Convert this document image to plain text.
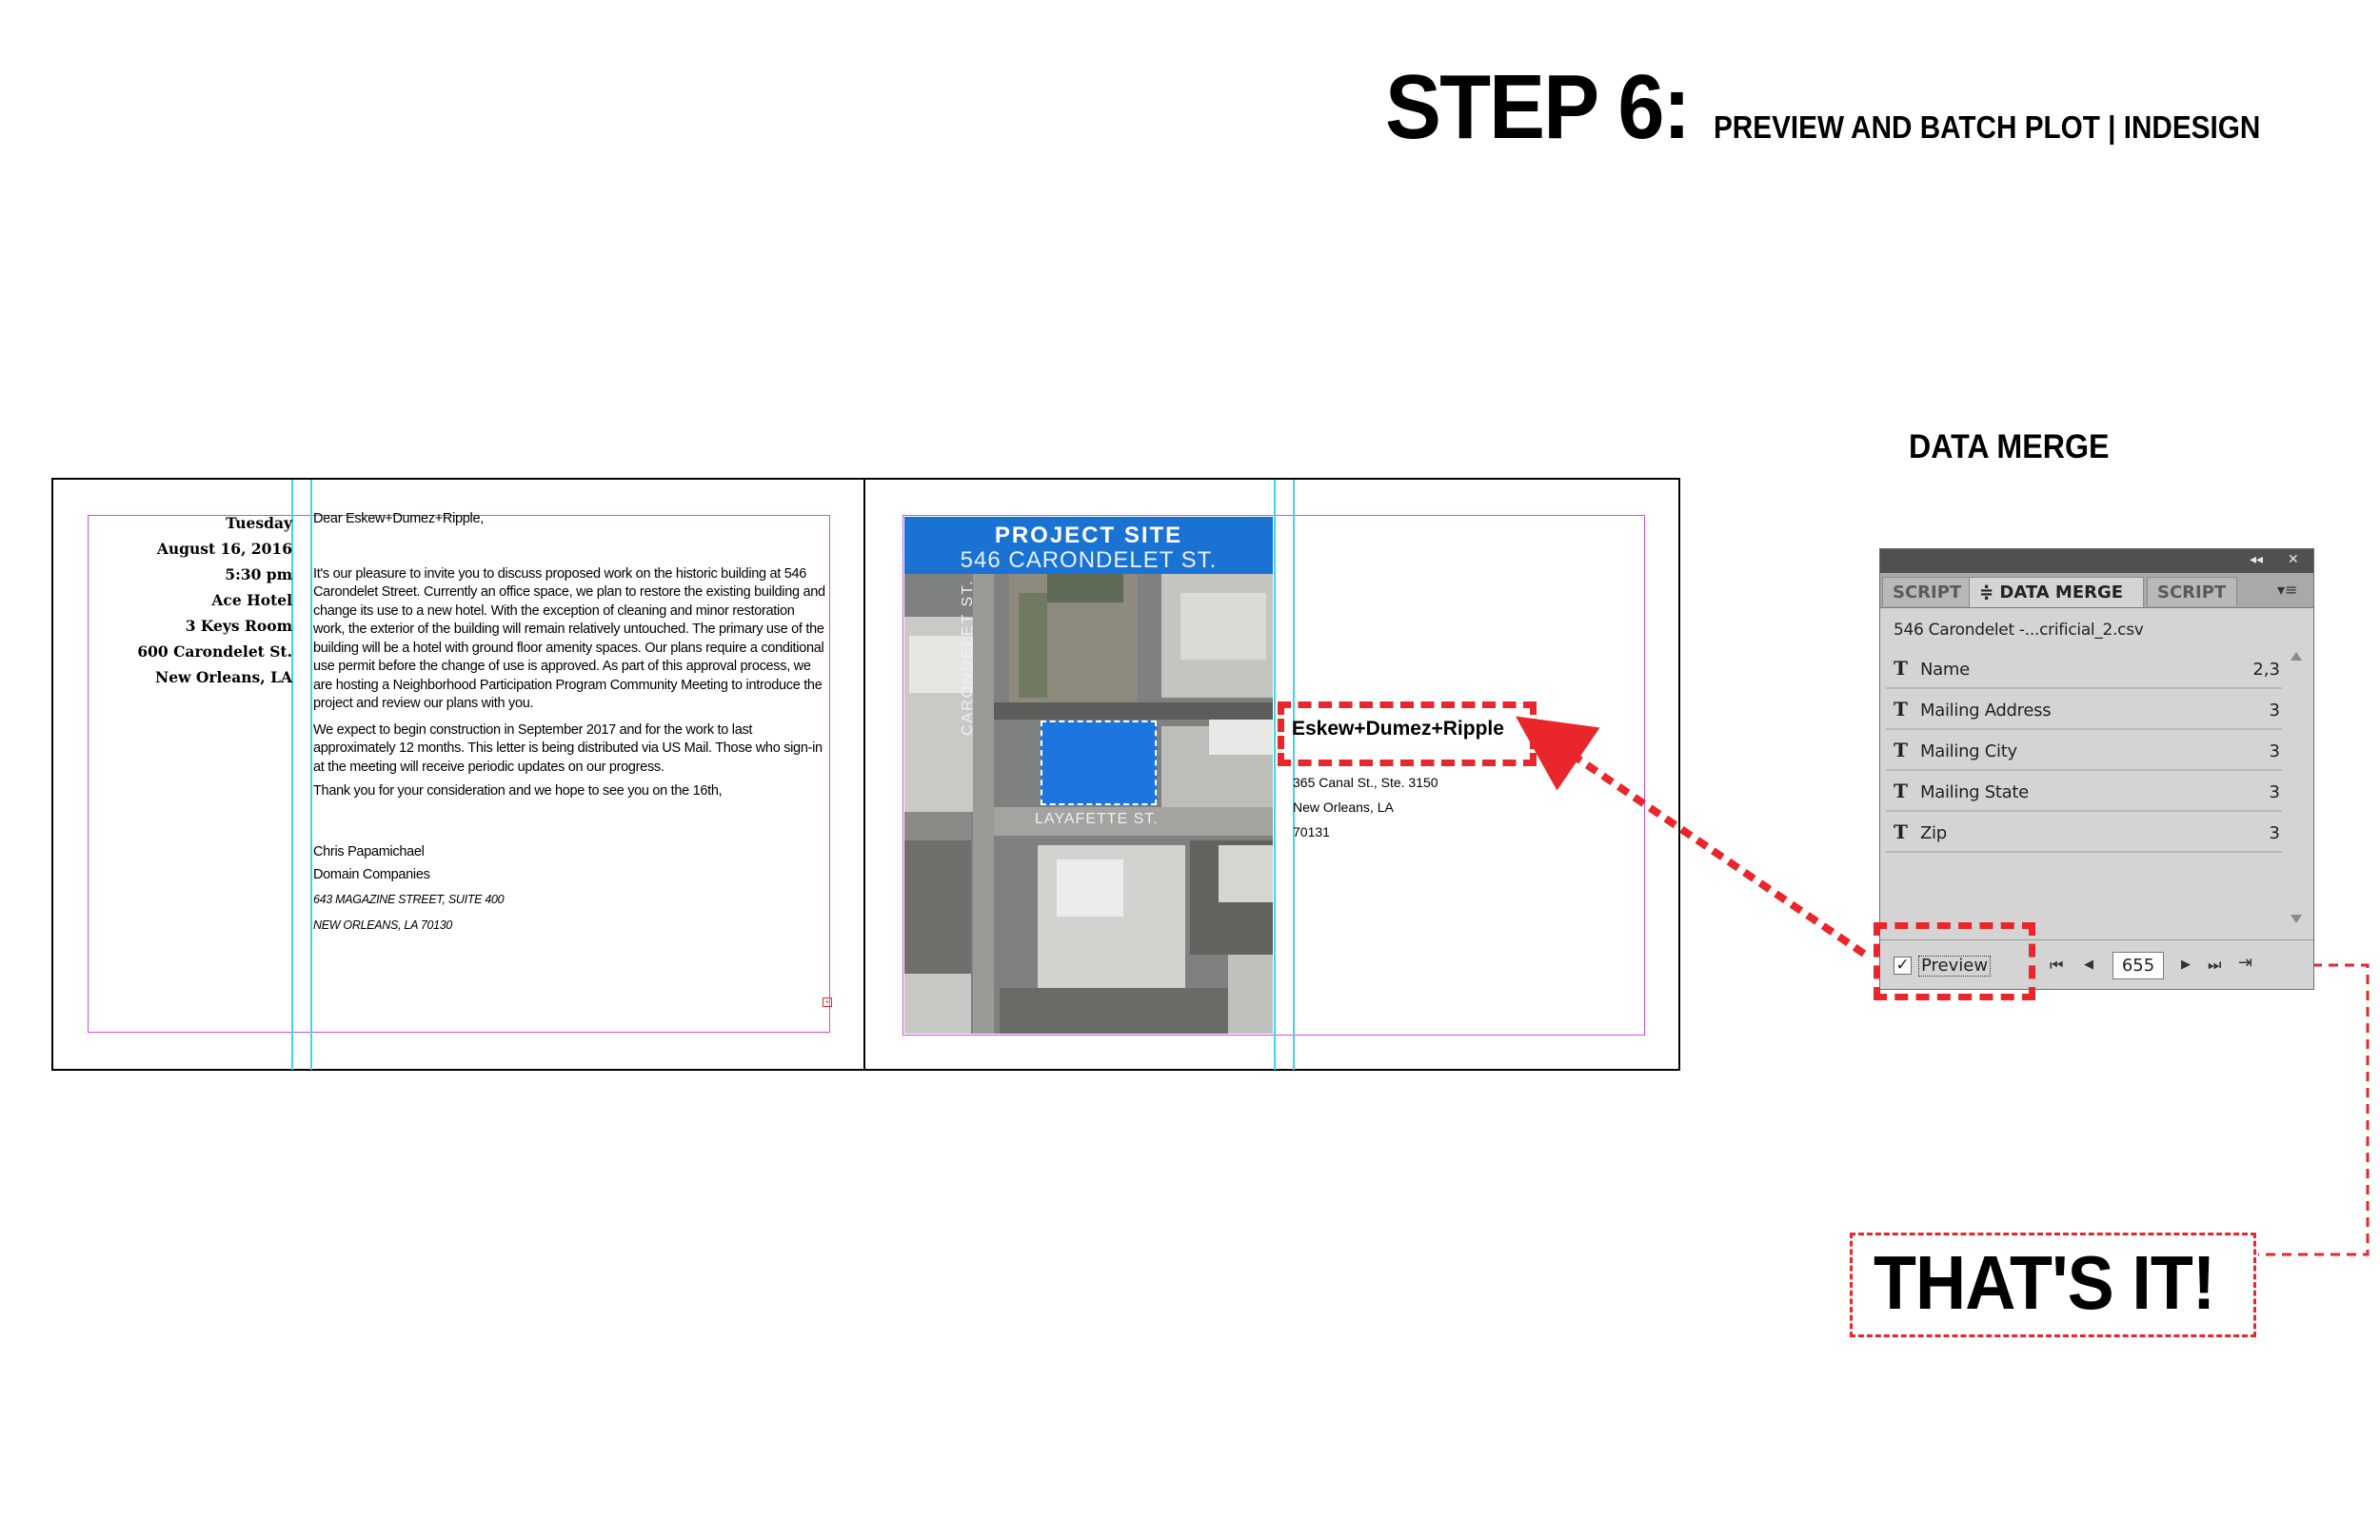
STEP 6: PREVIEW AND BATCH PLOT | INDESIGN
DATA MERGE
+
Tuesday
August 16, 2016
5:30 pm
Ace Hotel
3 Keys Room
600 Carondelet St.
New Orleans, LA

Dear Eskew+Dumez+Ripple,

It's our pleasure to invite you to discuss proposed work on the historic building at 546 Carondelet Street. Currently an office space, we plan to restore the existing building and change its use to a new hotel. With the exception of cleaning and minor restoration work, the exterior of the building will remain relatively untouched. The primary use of the building will be a hotel with ground floor amenity spaces. Our plans require a conditional use permit before the change of use is approved. As part of this approval process, we are hosting a Neighborhood Participation Program Community Meeting to introduce the project and review our plans with you.

We expect to begin construction in September 2017 and for the work to last approximately 12 months. This letter is being distributed via US Mail. Those who sign-in at the meeting will receive periodic updates on our progress.

Thank you for your consideration and we hope to see you on the 16th,

Chris Papamichael

Domain Companies

643 MAGAZINE STREET, SUITE 400

NEW ORLEANS, LA 70130

PROJECT SITE
546 CARONDELET ST.
CARONDELET ST.
LAYAFETTE ST.
Eskew+Dumez+Ripple
365 Canal St., Ste. 3150
New Orleans, LA
70131
◂◂ ✕
SCRIPT	≑ DATA MERGE	SCRIPT	▾≡
546 Carondelet -...crificial_2.csv
T Name	2,3
T Mailing Address	3
T Mailing City	3
T Mailing State	3
T Zip	3
✓ Preview	⏮ ◀	655	▶ ⏭ ⇥
THAT'S IT!
